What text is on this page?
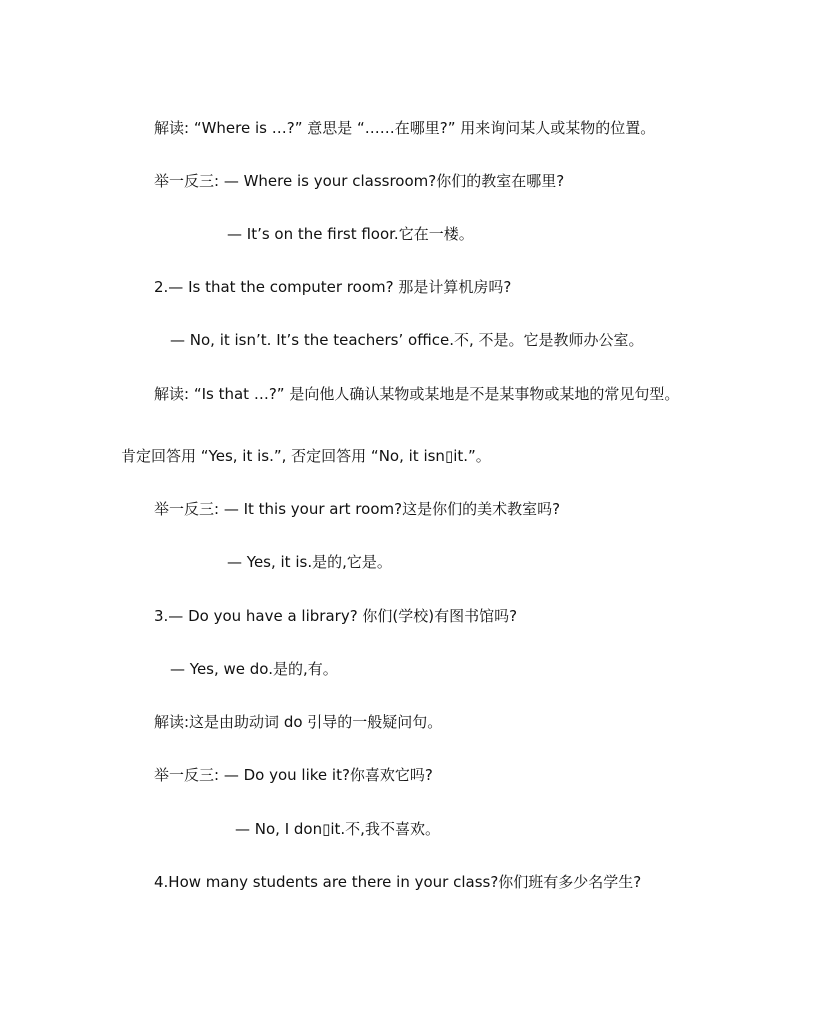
解读: “Where is …?” 意思是 “……在哪里?” 用来询问某人或某物的位置。
举一反三: — Where is your classroom?你们的教室在哪里?
— It’s on the first floor.它在一楼。
2.— Is that the computer room? 那是计算机房吗?
— No, it isn’t. It’s the teachers’ office.不, 不是。它是教师办公室。
解读: “Is that …?” 是向他人确认某物或某地是不是某事物或某地的常见句型。
肯定回答用 “Yes, it is.”, 否定回答用 “No, it isn▯it.”。
举一反三: — It this your art room?这是你们的美术教室吗?
— Yes, it is.是的,它是。
3.— Do you have a library? 你们(学校)有图书馆吗?
— Yes, we do.是的,有。
解读:这是由助动词 do 引导的一般疑问句。
举一反三: — Do you like it?你喜欢它吗?
— No, I don▯it.不,我不喜欢。
4.How many students are there in your class?你们班有多少名学生?
